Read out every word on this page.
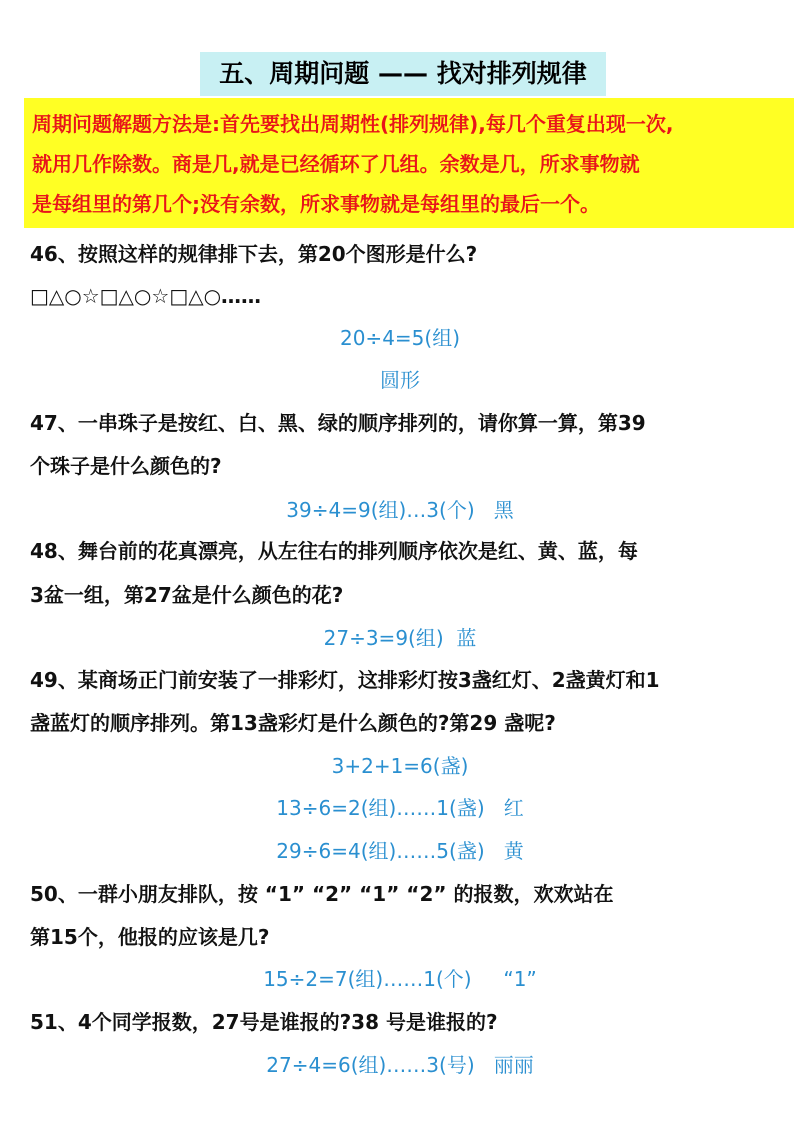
五、周期问题 —— 找对排列规律
周期问题解题方法是:首先要找出周期性(排列规律),每几个重复出现一次,
就用几作除数。商是几,就是已经循环了几组。余数是几，所求事物就
是每组里的第几个;没有余数，所求事物就是每组里的最后一个。

46、按照这样的规律排下去，第20个图形是什么?

□△○☆□△○☆□△○……

20÷4=5(组)

圆形

47、一串珠子是按红、白、黑、绿的顺序排列的，请你算一算，第39

个珠子是什么颜色的?

39÷4=9(组)…3(个)   黑

48、舞台前的花真漂亮，从左往右的排列顺序依次是红、黄、蓝，每

3盆一组，第27盆是什么颜色的花?

27÷3=9(组)  蓝

49、某商场正门前安装了一排彩灯，这排彩灯按3盏红灯、2盏黄灯和1

盏蓝灯的顺序排列。第13盏彩灯是什么颜色的?第29 盏呢?

3+2+1=6(盏)

13÷6=2(组)……1(盏)   红

29÷6=4(组)……5(盏)   黄

50、一群小朋友排队，按 “1” “2” “1” “2” 的报数，欢欢站在

第15个，他报的应该是几?

15÷2=7(组)……1(个)     “1”

51、4个同学报数，27号是谁报的?38 号是谁报的?

27÷4=6(组)……3(号)   丽丽
